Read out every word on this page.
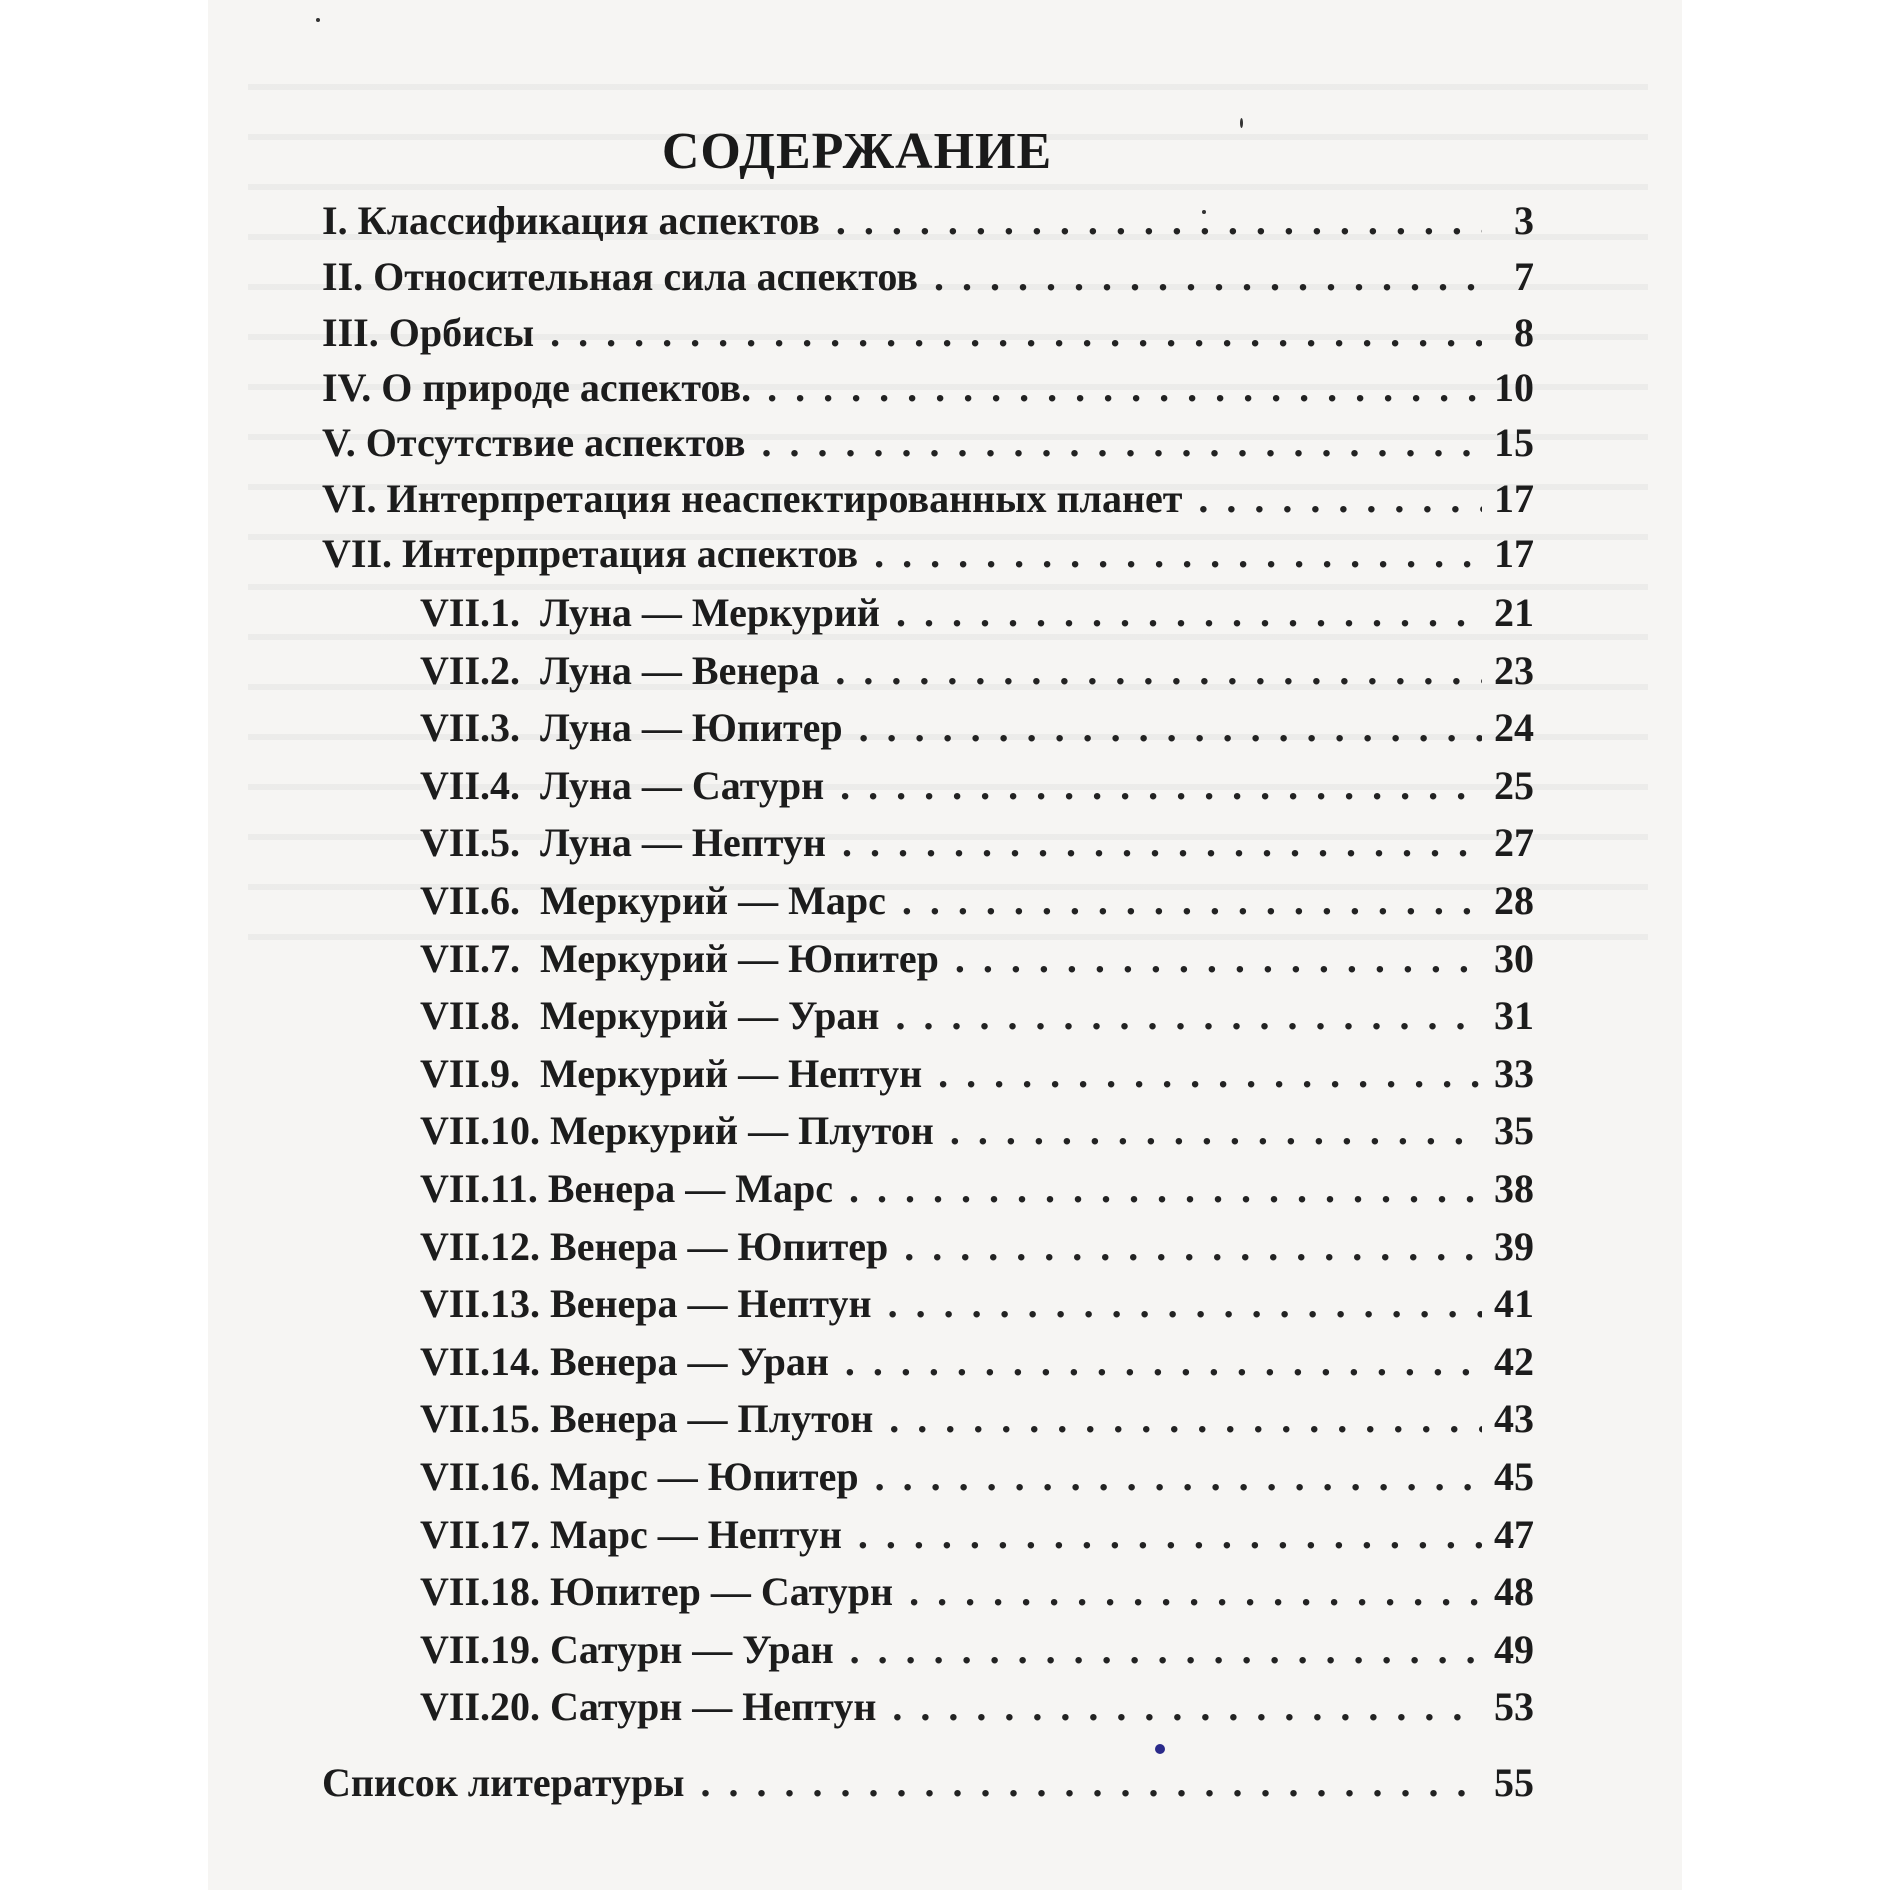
СОДЕРЖАНИЕ
I. Классификация аспектов . . .	3
II. Относительная сила аспектов . . .	7
III. Орбисы . . .	8
IV. О природе аспектов. . . .	10
V. Отсутствие аспектов . . .	15
VI. Интерпретация неаспектированных планет . . .	17
VII. Интерпретация аспектов . . .	17
VII.1. Луна — Меркурий . . .	21
VII.2. Луна — Венера . . .	23
VII.3. Луна — Юпитер . . .	24
VII.4. Луна — Сатурн . . .	25
VII.5. Луна — Нептун . . .	27
VII.6. Меркурий — Марс . . .	28
VII.7. Меркурий — Юпитер . . .	30
VII.8. Меркурий — Уран . . .	31
VII.9. Меркурий — Нептун . . .	33
VII.10. Меркурий — Плутон . . .	35
VII.11. Венера — Марс . . .	38
VII.12. Венера — Юпитер . . .	39
VII.13. Венера — Нептун . . .	41
VII.14. Венера — Уран . . .	42
VII.15. Венера — Плутон . . .	43
VII.16. Марс — Юпитер . . .	45
VII.17. Марс — Нептун . . .	47
VII.18. Юпитер — Сатурн . . .	48
VII.19. Сатурн — Уран . . .	49
VII.20. Сатурн — Нептун . . .	53
Список литературы . . .	55
